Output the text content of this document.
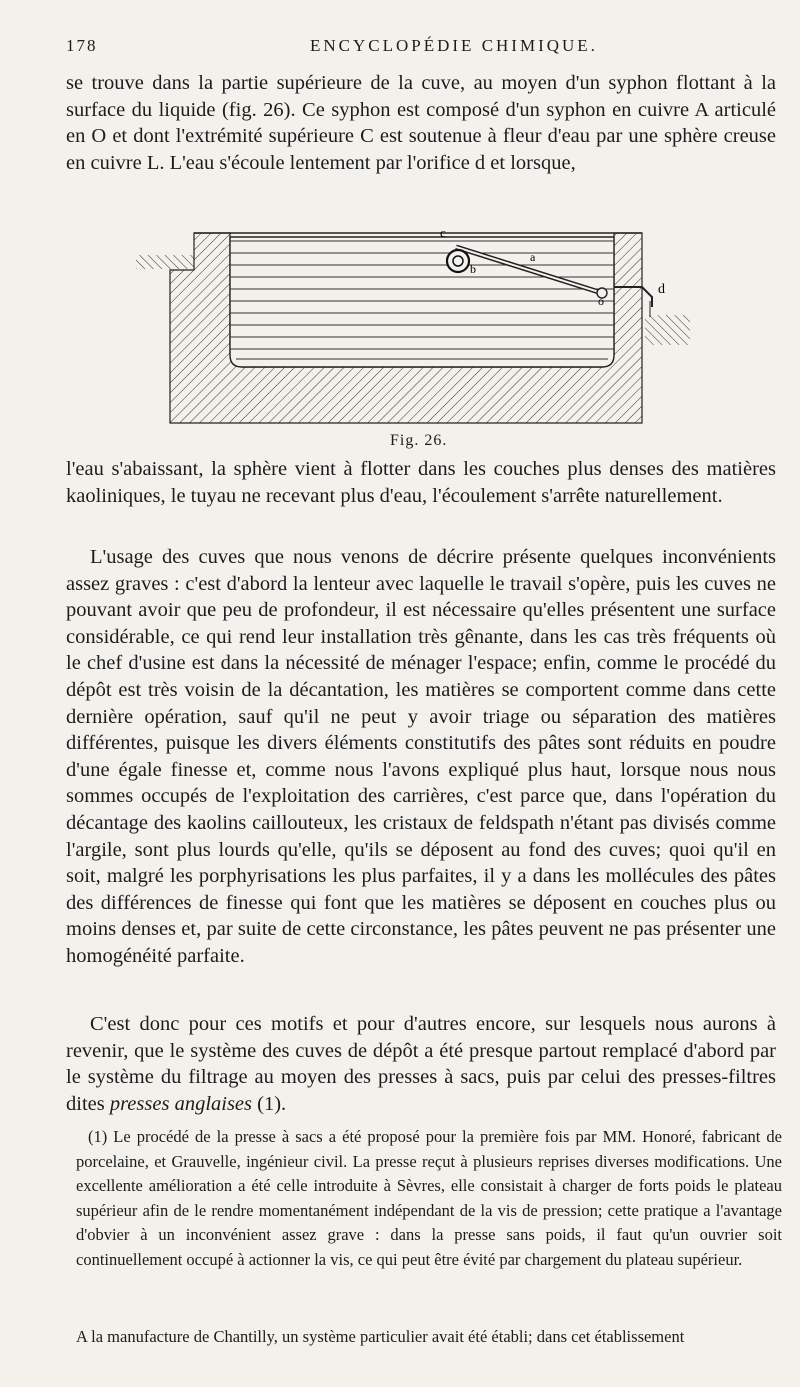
178	ENCYCLOPÉDIE CHIMIQUE.

se trouve dans la partie supérieure de la cuve, au moyen d'un syphon flottant à la surface du liquide (fig. 26). Ce syphon est composé d'un syphon en cuivre A articulé en O et dont l'extrémité supérieure C est soutenue à fleur d'eau par une sphère creuse en cuivre L. L'eau s'écoule lentement par l'orifice d et lorsque,

c
b
a
o
d
Fig. 26.

l'eau s'abaissant, la sphère vient à flotter dans les couches plus denses des matières kaoliniques, le tuyau ne recevant plus d'eau, l'écoulement s'arrête naturellement.

L'usage des cuves que nous venons de décrire présente quelques inconvénients assez graves : c'est d'abord la lenteur avec laquelle le travail s'opère, puis les cuves ne pouvant avoir que peu de profondeur, il est nécessaire qu'elles présentent une surface considérable, ce qui rend leur installation très gênante, dans les cas très fréquents où le chef d'usine est dans la nécessité de ménager l'espace; enfin, comme le procédé du dépôt est très voisin de la décantation, les matières se comportent comme dans cette dernière opération, sauf qu'il ne peut y avoir triage ou séparation des matières différentes, puisque les divers éléments constitutifs des pâtes sont réduits en poudre d'une égale finesse et, comme nous l'avons expliqué plus haut, lorsque nous nous sommes occupés de l'exploitation des carrières, c'est parce que, dans l'opération du décantage des kaolins caillouteux, les cristaux de feldspath n'étant pas divisés comme l'argile, sont plus lourds qu'elle, qu'ils se déposent au fond des cuves; quoi qu'il en soit, malgré les porphyrisations les plus parfaites, il y a dans les mollécules des pâtes des différences de finesse qui font que les matières se déposent en couches plus ou moins denses et, par suite de cette circonstance, les pâtes peuvent ne pas présenter une homogénéité parfaite.

C'est donc pour ces motifs et pour d'autres encore, sur lesquels nous aurons à revenir, que le système des cuves de dépôt a été presque partout remplacé d'abord par le système du filtrage au moyen des presses à sacs, puis par celui des presses-filtres dites presses anglaises (1).

(1) Le procédé de la presse à sacs a été proposé pour la première fois par MM. Honoré, fabricant de porcelaine, et Grauvelle, ingénieur civil. La presse reçut à plusieurs reprises diverses modifications. Une excellente amélioration a été celle introduite à Sèvres, elle consistait à charger de forts poids le plateau supérieur afin de le rendre momentanément indépendant de la vis de pression; cette pratique a l'avantage d'obvier à un inconvénient assez grave : dans la presse sans poids, il faut qu'un ouvrier soit continuellement occupé à actionner la vis, ce qui peut être évité par chargement du plateau supérieur.

A la manufacture de Chantilly, un système particulier avait été établi; dans cet établissement
